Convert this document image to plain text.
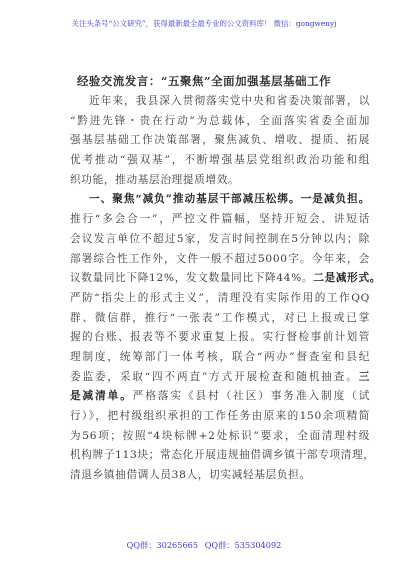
关注头条号“公文研究”，获得最新最全最专业的公文资料库！ 微信：gongwenyj
经验交流发言：“五聚焦”全面加强基层基础工作
近年来，我县深入贯彻落实党中央和省委决策部署，以
“黔进先锋・贵在行动”为总载体，全面落实省委全面加
强基层基础工作决策部署，聚焦减负、增收、提质、拓展
优考推动“强双基”，不断增强基层党组织政治功能和组
织功能，推动基层治理提质增效。
一、聚焦“减负”推动基层干部减压松绑。一是减负担。
推行“多会合一”，严控文件篇幅，坚持开短会、讲短话
会议发言单位不超过5家，发言时间控制在5分钟以内；除
部署综合性工作外，文件一般不超过5000字。今年来，会
议数量同比下降12%，发文数量同比下降44%。二是减形式。
严防“指尖上的形式主义”，清理没有实际作用的工作QQ
群、微信群，推行“一张表”工作模式，对已上报或已掌
握的台账、报表等不要求重复上报。实行督检事前计划管
理制度，统筹部门一体考核，联合“两办”督查室和县纪
委监委，采取“四不两直”方式开展检查和随机抽查。三
是减清单。严格落实《县村（社区）事务准入制度（试
行）》，把村级组织承担的工作任务由原来的150余项精简
为56项；按照“4块标牌+2处标识”要求，全面清理村级
机构牌子113块；常态化开展违规抽借调乡镇干部专项清理，
清退乡镇抽借调人员38人，切实减轻基层负担。
QQ群：30265665 QQ群：535304092
